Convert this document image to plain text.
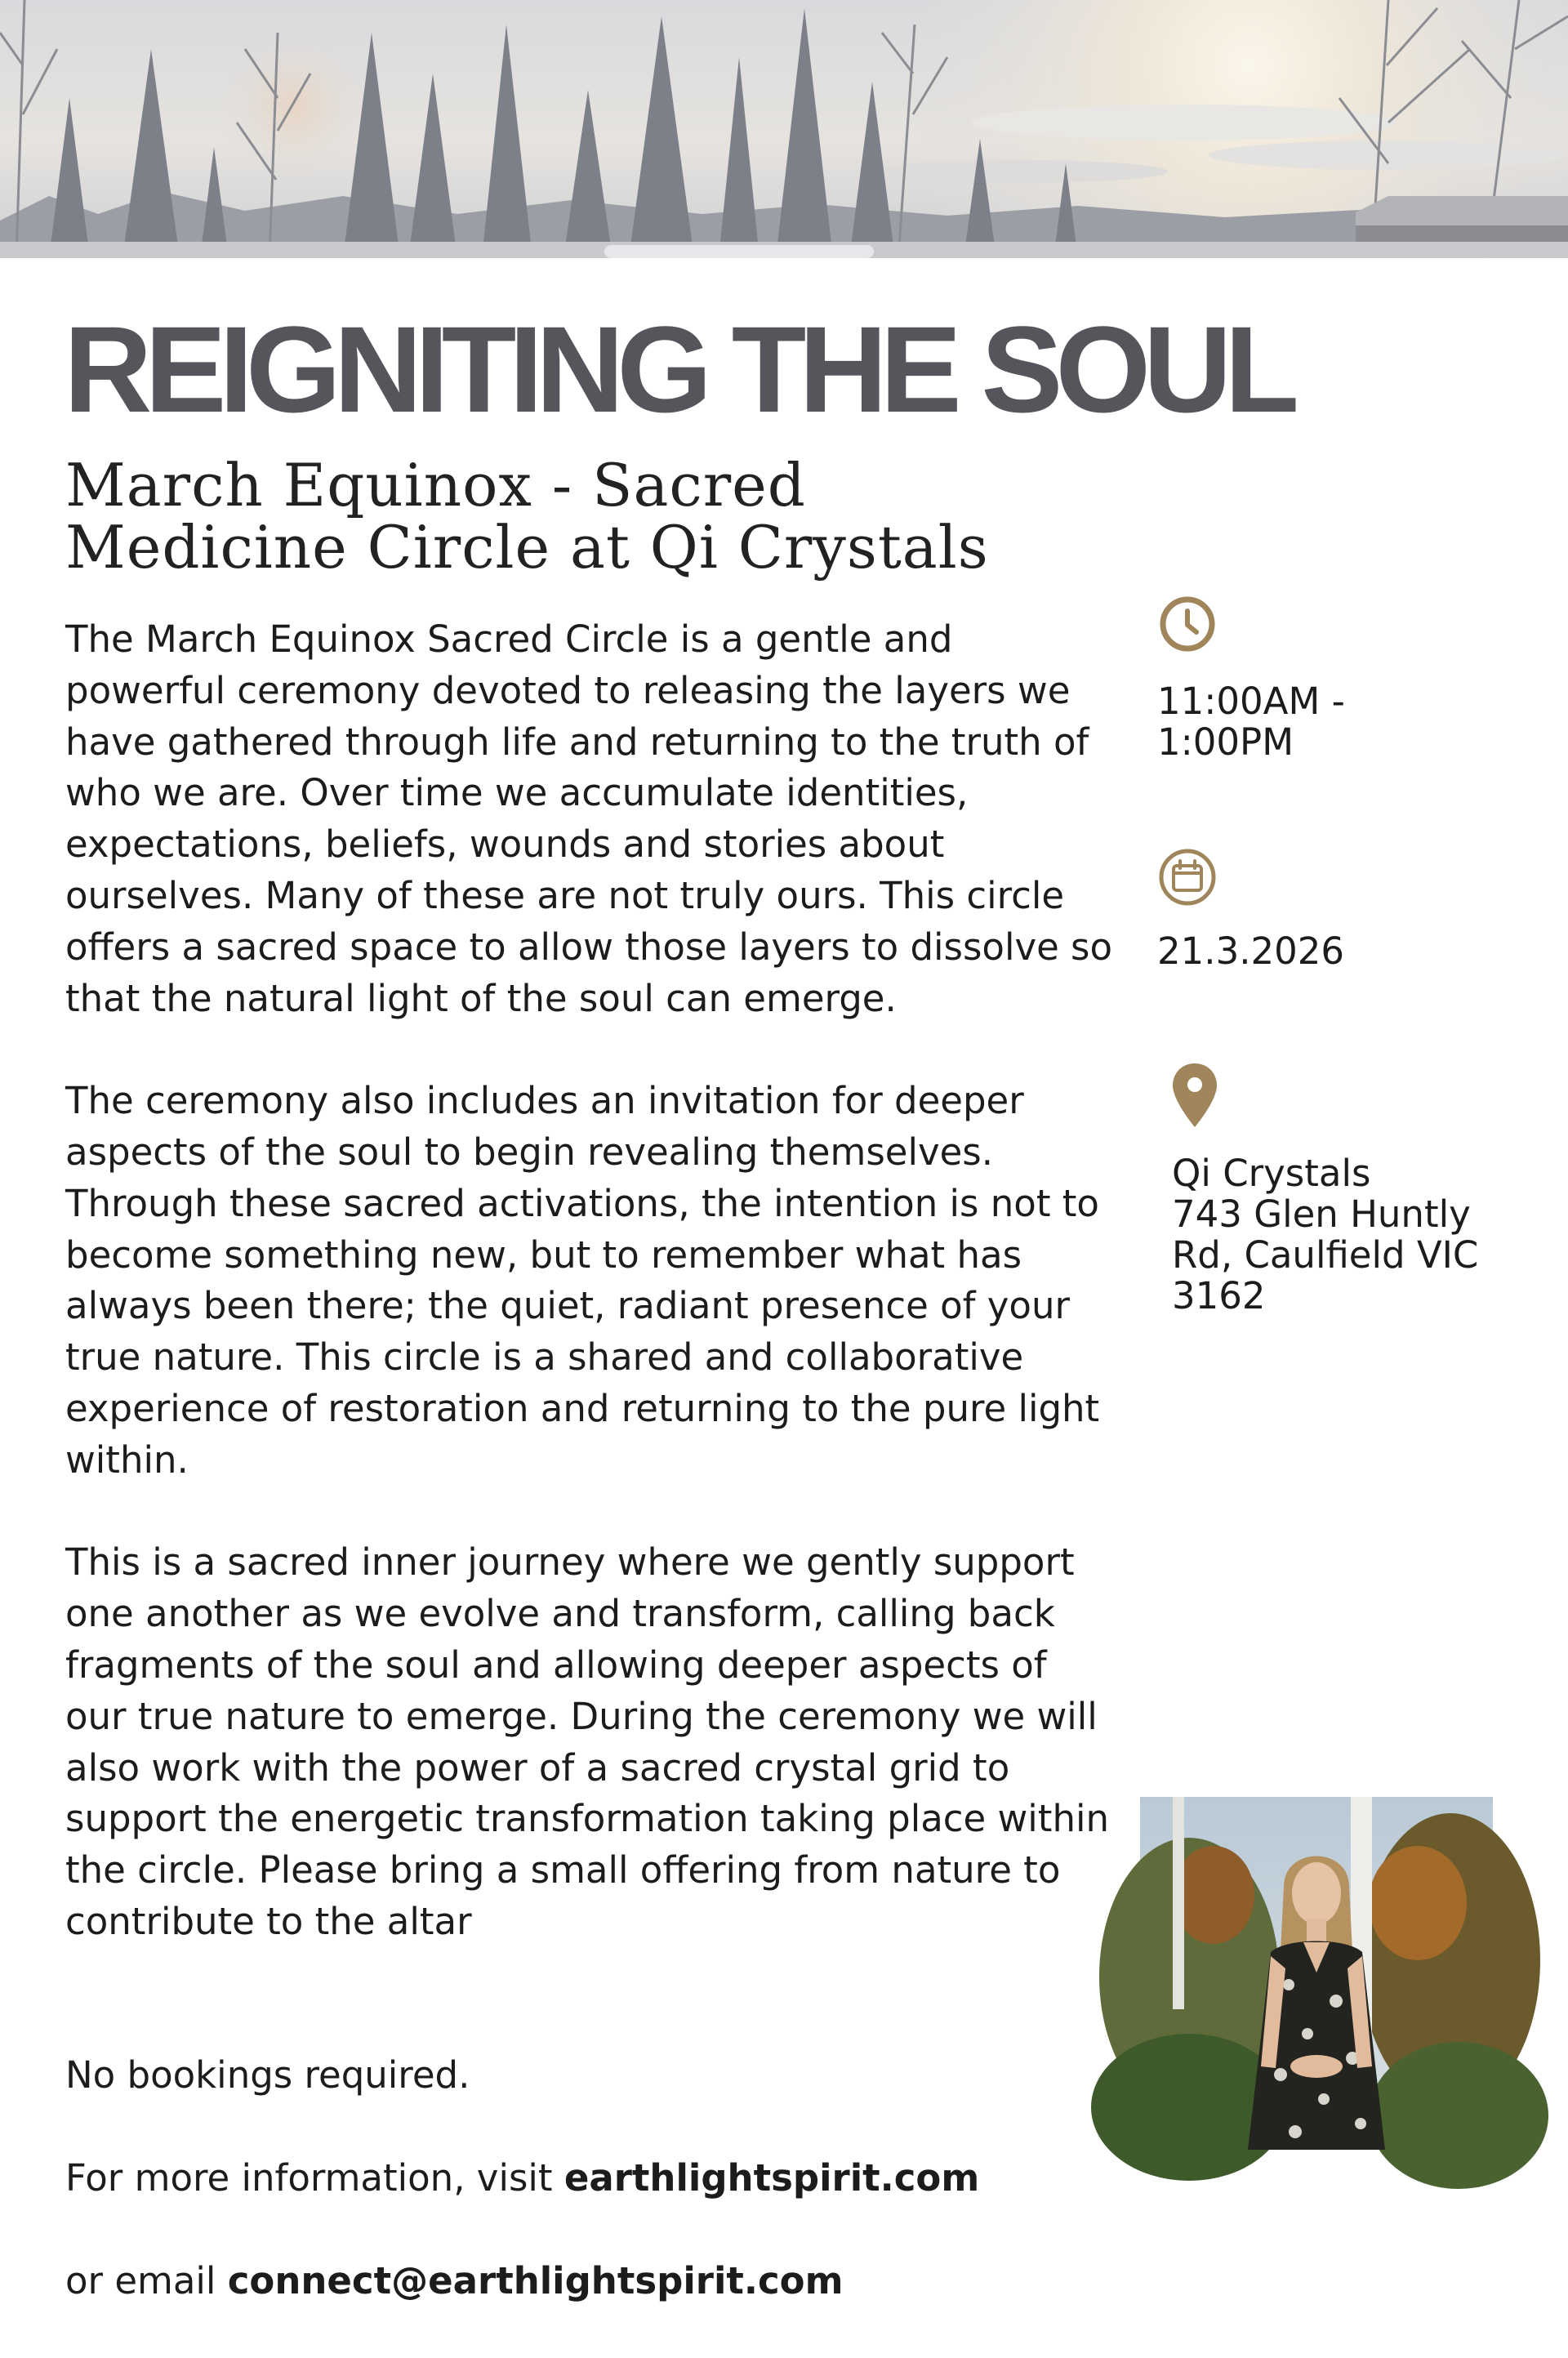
REIGNITING THE SOUL
March Equinox - Sacred
Medicine Circle at Qi Crystals

The March Equinox Sacred Circle is a gentle and
powerful ceremony devoted to releasing the layers we
have gathered through life and returning to the truth of
who we are. Over time we accumulate identities,
expectations, beliefs, wounds and stories about
ourselves. Many of these are not truly ours. This circle
offers a sacred space to allow those layers to dissolve so
that the natural light of the soul can emerge.

The ceremony also includes an invitation for deeper
aspects of the soul to begin revealing themselves.
Through these sacred activations, the intention is not to
become something new, but to remember what has
always been there; the quiet, radiant presence of your
true nature. This circle is a shared and collaborative
experience of restoration and returning to the pure light
within.

This is a sacred inner journey where we gently support
one another as we evolve and transform, calling back
fragments of the soul and allowing deeper aspects of
our true nature to emerge. During the ceremony we will
also work with the power of a sacred crystal grid to
support the energetic transformation taking place within
the circle. Please bring a small offering from nature to
contribute to the altar

No bookings required.

For more information, visit earthlightspirit.com

or email connect@earthlightspirit.com

11:00AM -
1:00PM
21.3.2026
Qi Crystals
743 Glen Huntly
Rd, Caulfield VIC
3162
